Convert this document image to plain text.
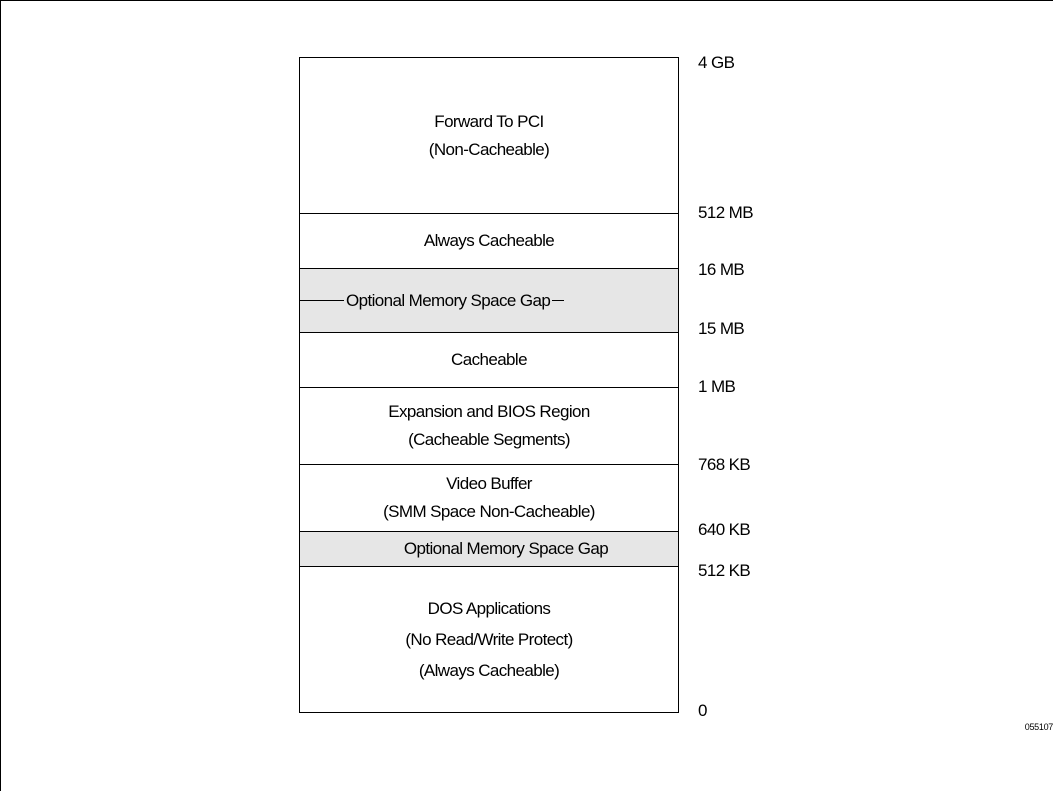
Forward To PCI
(Non-Cacheable)
Always Cacheable
Optional Memory Space Gap
Cacheable
Expansion and BIOS Region
(Cacheable Segments)
Video Buffer
(SMM Space Non-Cacheable)
Optional Memory Space Gap
DOS Applications
(No Read/Write Protect)
(Always Cacheable)
4 GB
512 MB
16 MB
15 MB
1 MB
768 KB
640 KB
512 KB
0
055107
